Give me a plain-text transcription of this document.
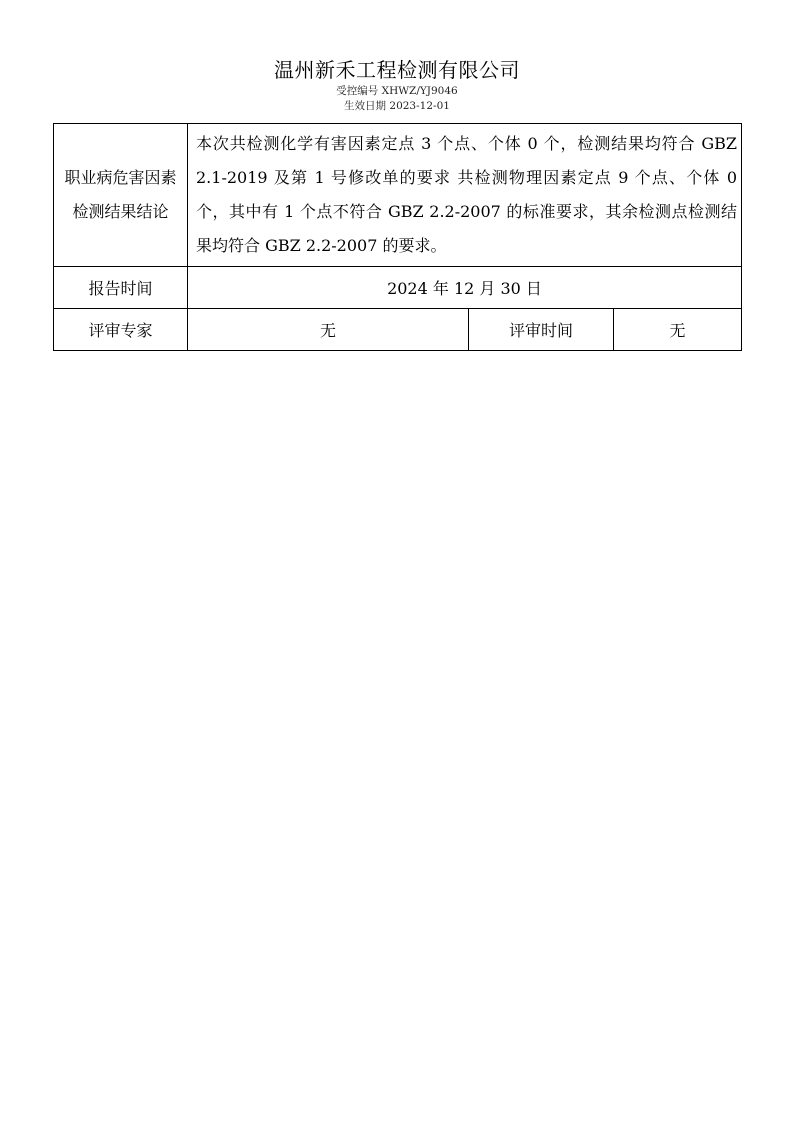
温州新禾工程检测有限公司
受控编号 XHWZ/YJ9046
生效日期 2023-12-01
职业病危害因素检测结果结论	本次共检测化学有害因素定点 3 个点、个体 0 个，检测结果均符合 GBZ 2.1-2019 及第 1 号修改单的要求 共检测物理因素定点 9 个点、个体 0 个，其中有 1 个点不符合 GBZ 2.2-2007 的标准要求，其余检测点检测结果均符合 GBZ 2.2-2007 的要求。		
报告时间	2024 年 12 月 30 日		
评审专家	无	评审时间	无
